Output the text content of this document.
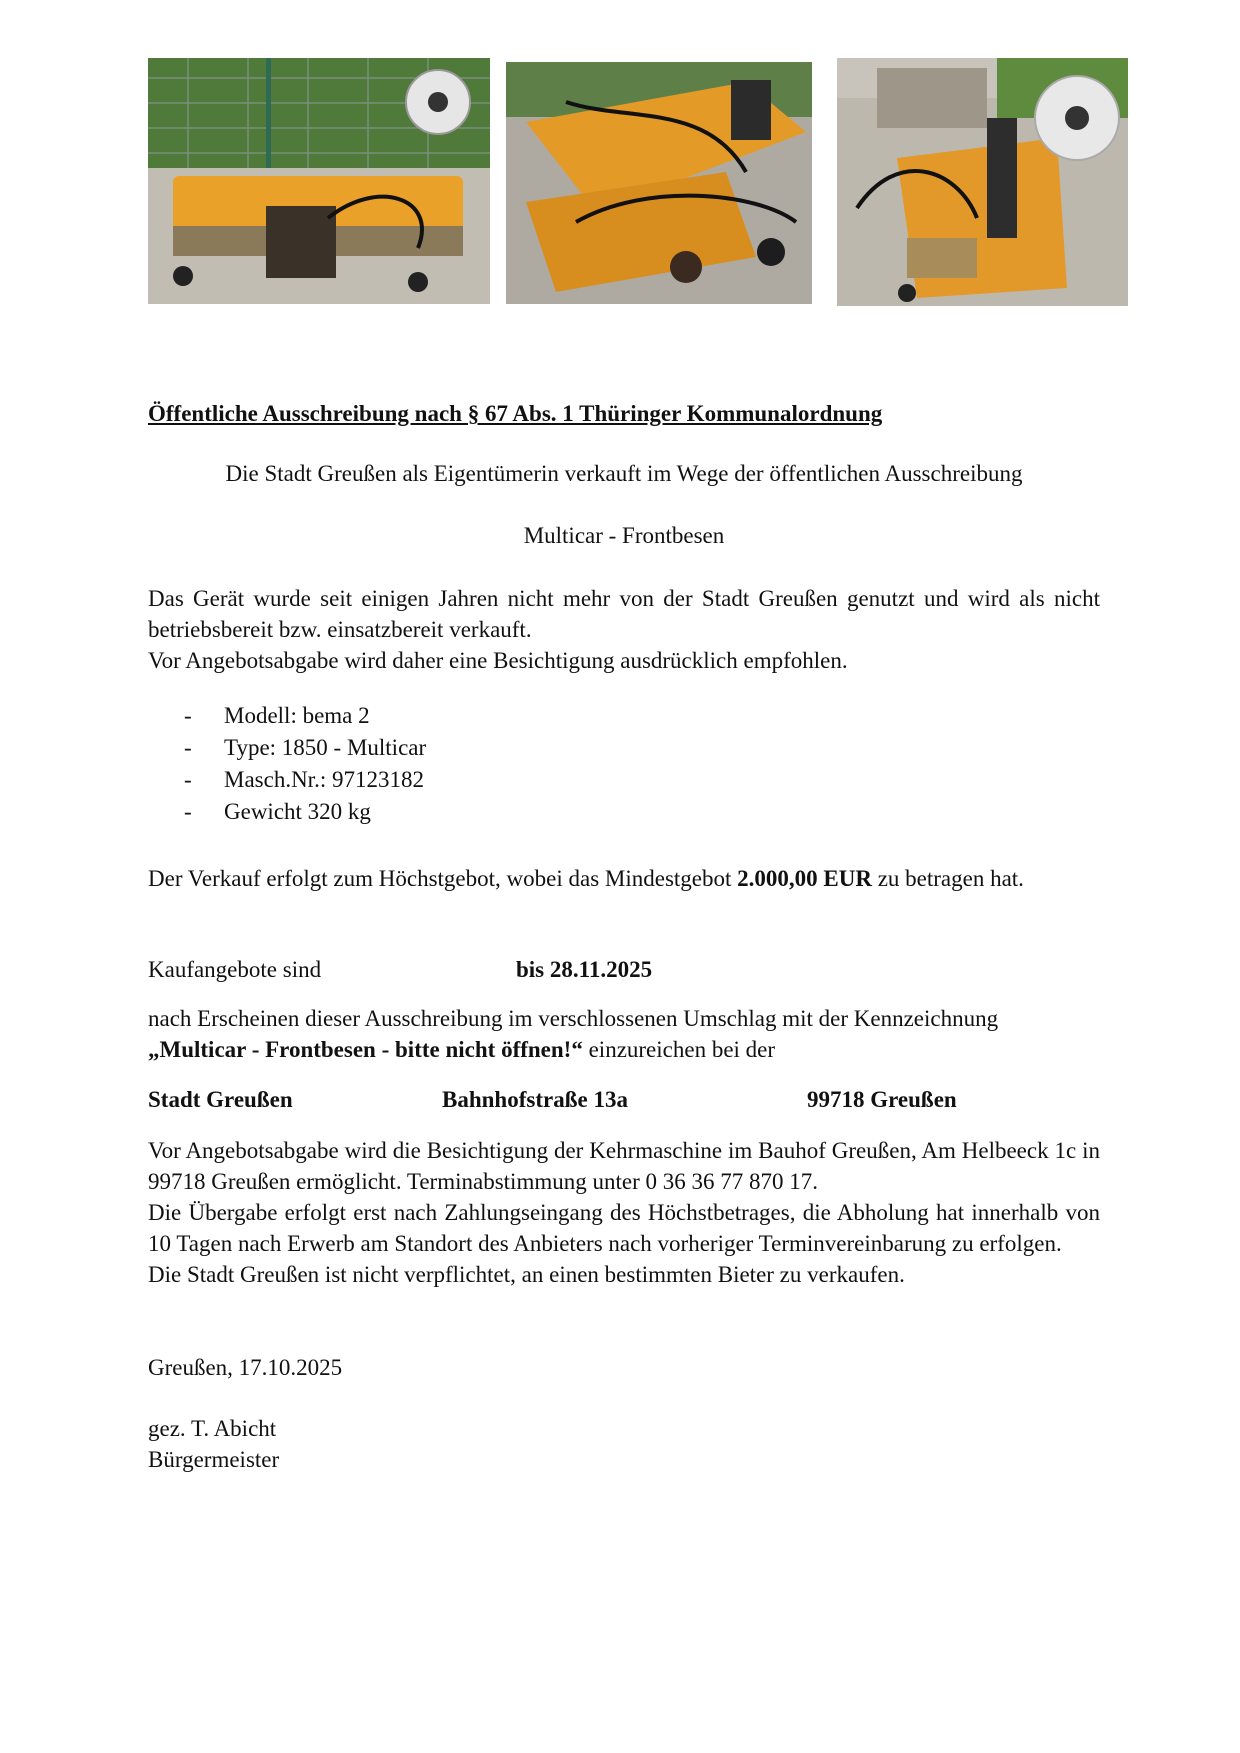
Öffentliche Ausschreibung nach § 67 Abs. 1 Thüringer Kommunalordnung
Die Stadt Greußen als Eigentümerin verkauft im Wege der öffentlichen Ausschreibung
Multicar - Frontbesen
Das Gerät wurde seit einigen Jahren nicht mehr von der Stadt Greußen genutzt und wird als nicht betriebsbereit bzw. einsatzbereit verkauft.
Vor Angebotsabgabe wird daher eine Besichtigung ausdrücklich empfohlen.
- Modell: bema 2
- Type: 1850 - Multicar
- Masch.Nr.: 97123182
- Gewicht 320 kg
Der Verkauf erfolgt zum Höchstgebot, wobei das Mindestgebot 2.000,00 EUR zu betragen hat.
Kaufangebote sind	bis 28.11.2025
nach Erscheinen dieser Ausschreibung im verschlossenen Umschlag mit der Kennzeichnung
„Multicar - Frontbesen - bitte nicht öffnen!“ einzureichen bei der
Stadt Greußen	Bahnhofstraße 13a	99718 Greußen
Vor Angebotsabgabe wird die Besichtigung der Kehrmaschine im Bauhof Greußen, Am Helbeeck 1c in 99718 Greußen ermöglicht. Terminabstimmung unter 0 36 36 77 870 17.
Die Übergabe erfolgt erst nach Zahlungseingang des Höchstbetrages, die Abholung hat innerhalb von 10 Tagen nach Erwerb am Standort des Anbieters nach vorheriger Terminvereinbarung zu erfolgen.
Die Stadt Greußen ist nicht verpflichtet, an einen bestimmten Bieter zu verkaufen.
Greußen, 17.10.2025
gez. T. Abicht
Bürgermeister
